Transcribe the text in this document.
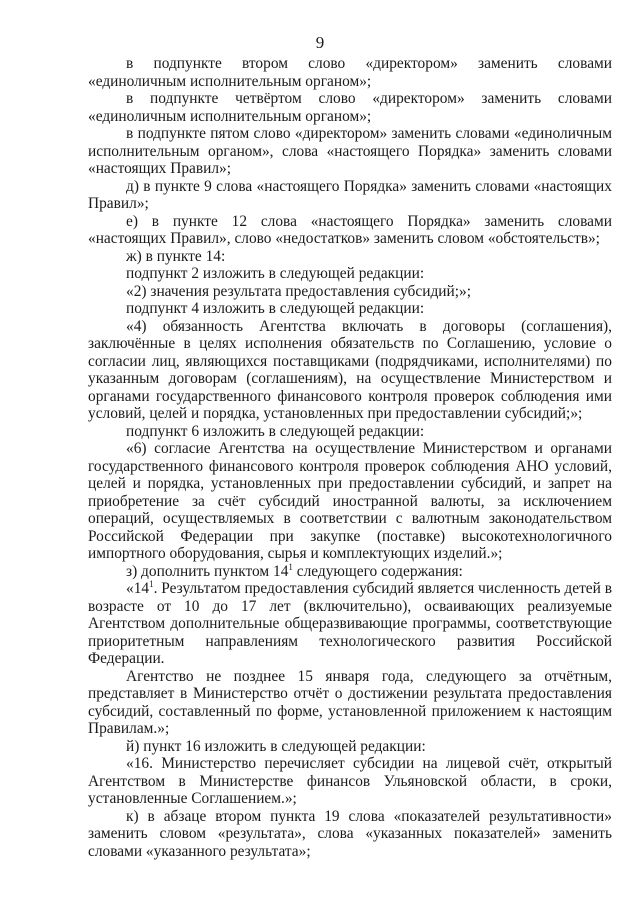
9

в подпункте втором слово «директором» заменить словами «единоличным исполнительным органом»;

в подпункте четвёртом слово «директором» заменить словами «единоличным исполнительным органом»;

в подпункте пятом слово «директором» заменить словами «единоличным исполнительным органом», слова «настоящего Порядка» заменить словами «настоящих Правил»;

д) в пункте 9 слова «настоящего Порядка» заменить словами «настоящих Правил»;

е) в пункте 12 слова «настоящего Порядка» заменить словами «настоящих Правил», слово «недостатков» заменить словом «обстоятельств»;

ж) в пункте 14:

подпункт 2 изложить в следующей редакции:

«2) значения результата предоставления субсидий;»;

подпункт 4 изложить в следующей редакции:

«4) обязанность Агентства включать в договоры (соглашения), заключённые в целях исполнения обязательств по Соглашению, условие о согласии лиц, являющихся поставщиками (подрядчиками, исполнителями) по указанным договорам (соглашениям), на осуществление Министерством и органами государственного финансового контроля проверок соблюдения ими условий, целей и порядка, установленных при предоставлении субсидий;»;

подпункт 6 изложить в следующей редакции:

«6) согласие Агентства на осуществление Министерством и органами государственного финансового контроля проверок соблюдения АНО условий, целей и порядка, установленных при предоставлении субсидий, и запрет на приобретение за счёт субсидий иностранной валюты, за исключением операций, осуществляемых в соответствии с валютным законодательством Российской Федерации при закупке (поставке) высокотехнологичного импортного оборудования, сырья и комплектующих изделий.»;

з) дополнить пунктом $14^1$ следующего содержания:

«$14^1$. Результатом предоставления субсидий является численность детей в возрасте от 10 до 17 лет (включительно), осваивающих реализуемые Агентством дополнительные общеразвивающие программы, соответствующие приоритетным направлениям технологического развития Российской Федерации.

Агентство не позднее 15 января года, следующего за отчётным, представляет в Министерство отчёт о достижении результата предоставления субсидий, составленный по форме, установленной приложением к настоящим Правилам.»;

й) пункт 16 изложить в следующей редакции:

«16. Министерство перечисляет субсидии на лицевой счёт, открытый Агентством в Министерстве финансов Ульяновской области, в сроки, установленные Соглашением.»;

к) в абзаце втором пункта 19 слова «показателей результативности» заменить словом «результата», слова «указанных показателей» заменить словами «указанного результата»;
